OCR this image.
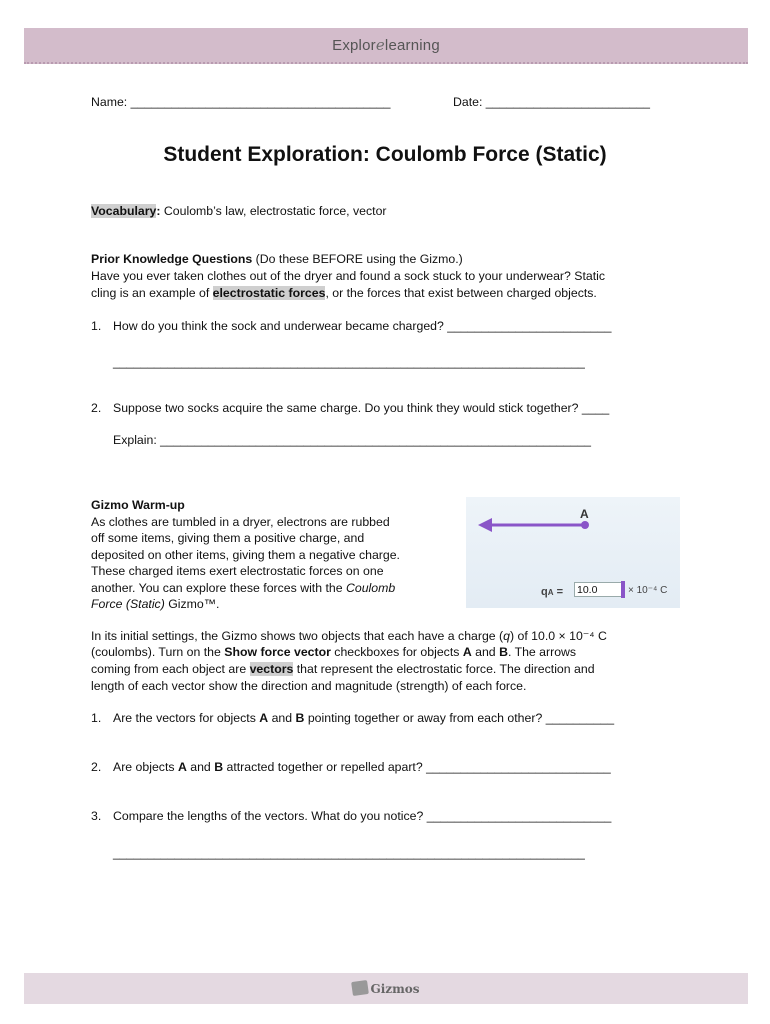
Explorelearning
Name: ______________________________________	Date: ________________________
Student Exploration: Coulomb Force (Static)
Vocabulary: Coulomb’s law, electrostatic force, vector
Prior Knowledge Questions (Do these BEFORE using the Gizmo.)
Have you ever taken clothes out of the dryer and found a sock stuck to your underwear? Static
cling is an example of electrostatic forces, or the forces that exist between charged objects.
1. How do you think the sock and underwear became charged? ________________________
_____________________________________________________________________
2. Suppose two socks acquire the same charge. Do you think they would stick together? ____
Explain: _______________________________________________________________
Gizmo Warm-up
As clothes are tumbled in a dryer, electrons are rubbed
off some items, giving them a positive charge, and
deposited on other items, giving them a negative charge.
These charged items exert electrostatic forces on one
another. You can explore these forces with the Coulomb
Force (Static) Gizmo™.
A
qA = 10.0	× 10⁻⁴ C
In its initial settings, the Gizmo shows two objects that each have a charge (q) of 10.0 × 10⁻⁴ C
(coulombs). Turn on the Show force vector checkboxes for objects A and B. The arrows
coming from each object are vectors that represent the electrostatic force. The direction and
length of each vector show the direction and magnitude (strength) of each force.
1. Are the vectors for objects A and B pointing together or away from each other? __________
2. Are objects A and B attracted together or repelled apart? ___________________________
3. Compare the lengths of the vectors. What do you notice? ___________________________
_____________________________________________________________________
Gizmos
